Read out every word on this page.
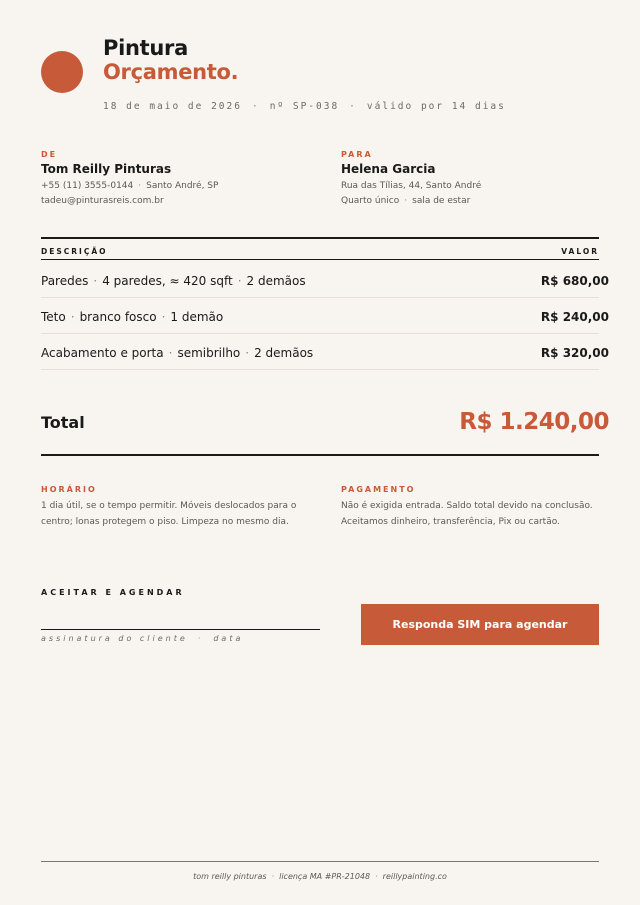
Pintura
Orçamento.
18 de maio de 2026 · nº SP-038 · válido por 14 dias
DE
Tom Reilly Pinturas
+55 (11) 3555-0144 · Santo André, SP
tadeu@pinturasreis.com.br
PARA
Helena Garcia
Rua das Tílias, 44, Santo André
Quarto único · sala de estar
DESCRIÇÃO	VALOR
Paredes · 4 paredes, ≈ 420 sqft · 2 demãos	R$ 680,00
Teto · branco fosco · 1 demão	R$ 240,00
Acabamento e porta · semibrilho · 2 demãos	R$ 320,00
Total	R$ 1.240,00
HORÁRIO
1 dia útil, se o tempo permitir. Móveis deslocados para o centro; lonas protegem o piso. Limpeza no mesmo dia.
PAGAMENTO
Não é exigida entrada. Saldo total devido na conclusão. Aceitamos dinheiro, transferência, Pix ou cartão.
ACEITAR E AGENDAR
assinatura do cliente · data
Responda SIM para agendar
tom reilly pinturas · licença MA #PR-21048 · reillypainting.co
